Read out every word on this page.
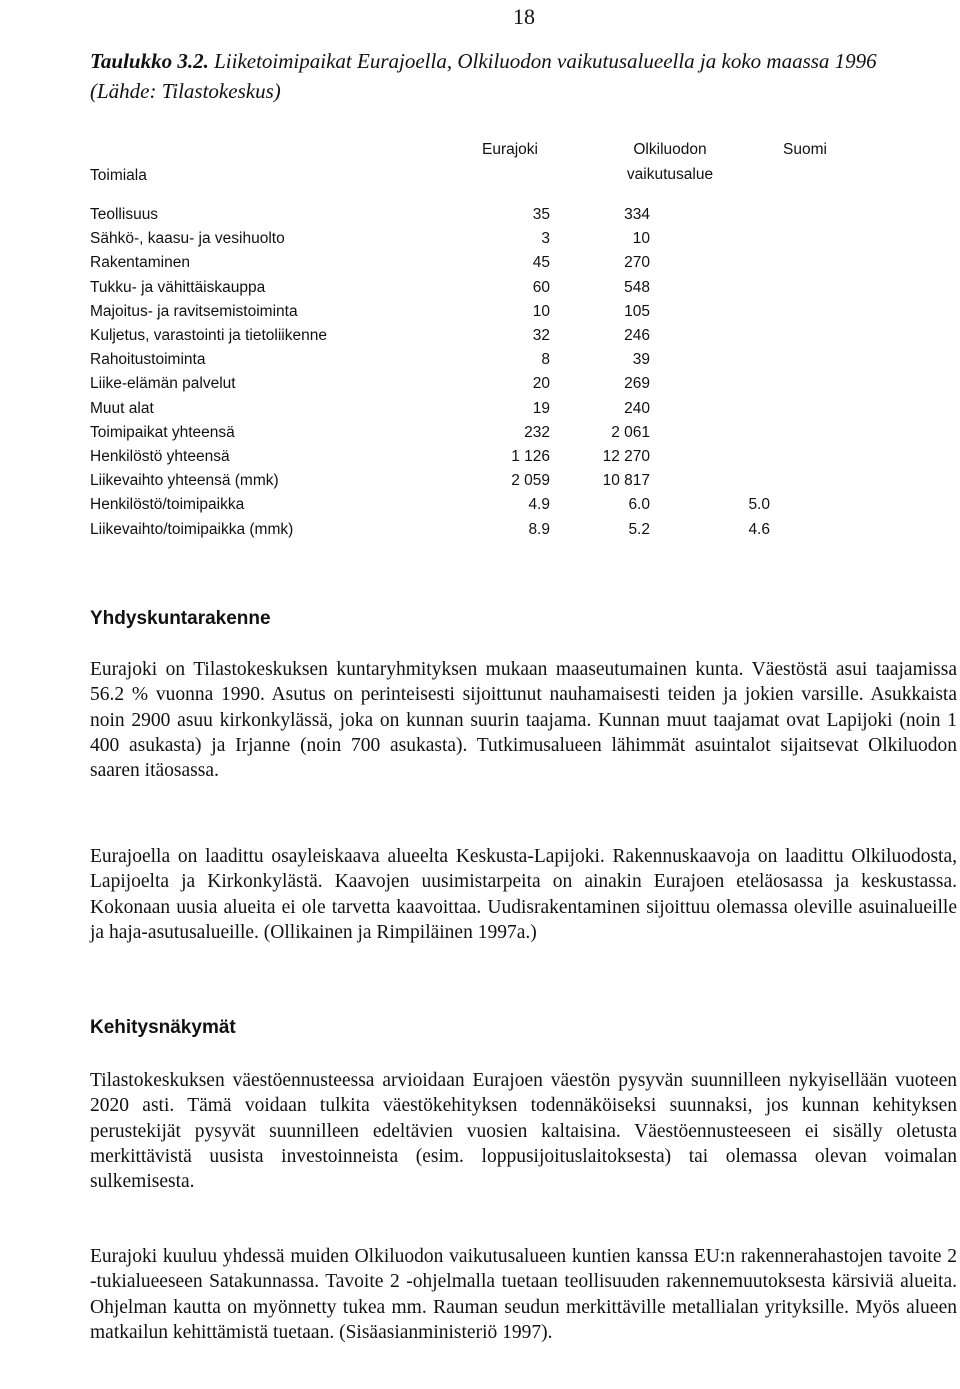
18
Taulukko 3.2. Liiketoimipaikat Eurajoella, Olkiluodon vaikutusalueella ja koko maassa 1996 (Lähde: Tilastokeskus)
Toimiala
Eurajoki	Olkiluodon
vaikutusalue
Suomi
Teollisuus	35	334
Sähkö-, kaasu- ja vesihuolto	3	10
Rakentaminen	45	270
Tukku- ja vähittäiskauppa	60	548
Majoitus- ja ravitsemistoiminta	10	105
Kuljetus, varastointi ja tietoliikenne	32	246
Rahoitustoiminta	8	39
Liike-elämän palvelut	20	269
Muut alat	19	240
Toimipaikat yhteensä	232	2 061
Henkilöstö yhteensä	1 126	12 270
Liikevaihto yhteensä (mmk)	2 059	10 817
Henkilöstö/toimipaikka	4.9	6.0	5.0
Liikevaihto/toimipaikka (mmk)	8.9	5.2	4.6
Yhdyskuntarakenne

Eurajoki on Tilastokeskuksen kuntaryhmityksen mukaan maaseutumainen kunta. Väestöstä asui taajamissa 56.2 % vuonna 1990. Asutus on perinteisesti sijoittunut nauhamaisesti teiden ja jokien varsille. Asukkaista noin 2900 asuu kirkonkylässä, joka on kunnan suurin taajama. Kunnan muut taajamat ovat Lapijoki (noin 1 400 asukasta) ja Irjanne (noin 700 asukasta). Tutkimusalueen lähimmät asuintalot sijaitsevat Olkiluodon saaren itäosassa.

Eurajoella on laadittu osayleiskaava alueelta Keskusta-Lapijoki. Rakennuskaavoja on laadittu Olkiluodosta, Lapijoelta ja Kirkonkylästä. Kaavojen uusimistarpeita on ainakin Eurajoen eteläosassa ja keskustassa. Kokonaan uusia alueita ei ole tarvetta kaavoittaa. Uudisrakentaminen sijoittuu olemassa oleville asuinalueille ja haja-asutusalueille. (Ollikainen ja Rimpiläinen 1997a.)

Kehitysnäkymät

Tilastokeskuksen väestöennusteessa arvioidaan Eurajoen väestön pysyvän suunnilleen nykyisellään vuoteen 2020 asti. Tämä voidaan tulkita väestökehityksen todennäköiseksi suunnaksi, jos kunnan kehityksen perustekijät pysyvät suunnilleen edeltävien vuosien kaltaisina. Väestöennusteeseen ei sisälly oletusta merkittävistä uusista investoinneista (esim. loppusijoituslaitoksesta) tai olemassa olevan voimalan sulkemisesta.

Eurajoki kuuluu yhdessä muiden Olkiluodon vaikutusalueen kuntien kanssa EU:n rakennerahastojen tavoite 2 -tukialueeseen Satakunnassa. Tavoite 2 -ohjelmalla tuetaan teollisuuden rakennemuutoksesta kärsiviä alueita. Ohjelman kautta on myönnetty tukea mm. Rauman seudun merkittäville metallialan yrityksille. Myös alueen matkailun kehittämistä tuetaan. (Sisäasianministeriö 1997).
